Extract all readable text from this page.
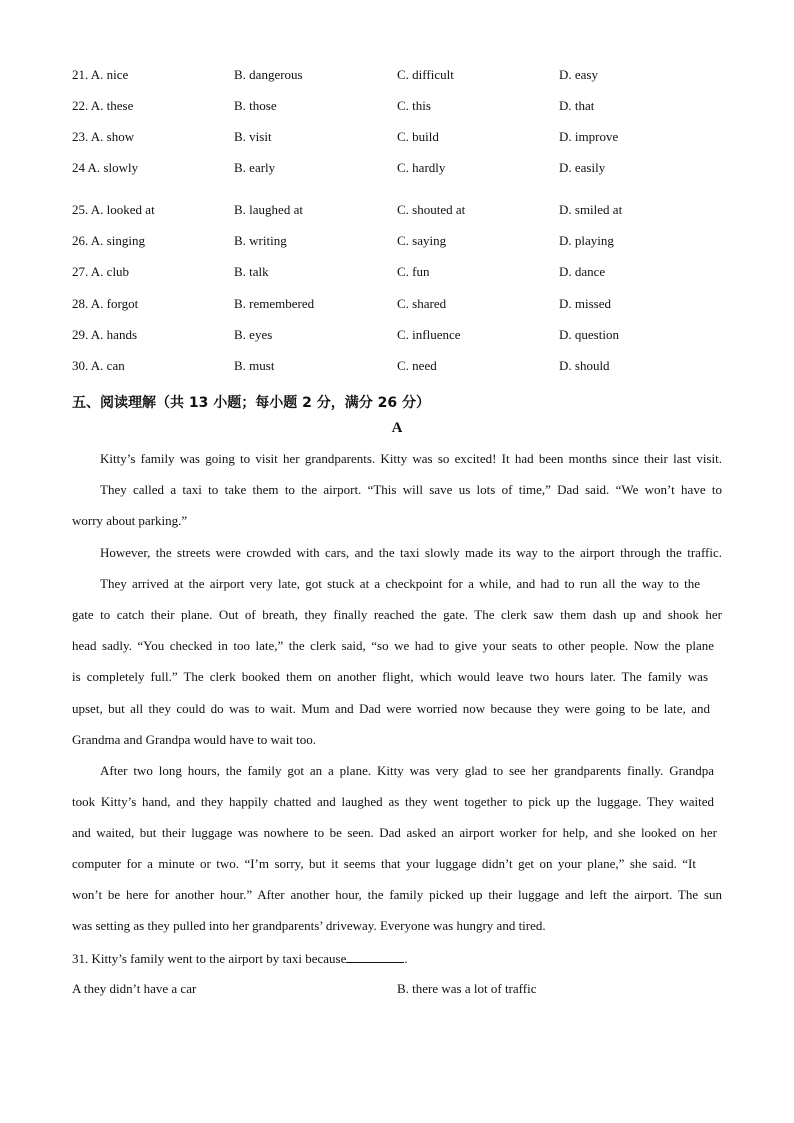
21. A. nice	B. dangerous	C. difficult	D. easy
22. A. these	B. those	C. this	D. that
23. A. show	B. visit	C. build	D. improve
24 A. slowly	B. early	C. hardly	D. easily
25. A. looked at	B. laughed at	C. shouted at	D. smiled at
26. A. singing	B. writing	C. saying	D. playing
27. A. club	B. talk	C. fun	D. dance
28. A. forgot	B. remembered	C. shared	D. missed
29. A. hands	B. eyes	C. influence	D. question
30. A. can	B. must	C. need	D. should
五、阅读理解（共 13 小题；每小题 2 分，满分 26 分）
A
Kitty’s family was going to visit her grandparents. Kitty was so excited! It had been months since their last visit.
They called a taxi to take them to the airport. “This will save us lots of time,” Dad said. “We won’t have to
worry about parking.”
However, the streets were crowded with cars, and the taxi slowly made its way to the airport through the traffic.
They arrived at the airport very late, got stuck at a checkpoint for a while, and had to run all the way to the
gate to catch their plane. Out of breath, they finally reached the gate. The clerk saw them dash up and shook her
head sadly. “You checked in too late,” the clerk said, “so we had to give your seats to other people. Now the plane
is completely full.” The clerk booked them on another flight, which would leave two hours later. The family was
upset, but all they could do was to wait. Mum and Dad were worried now because they were going to be late, and
Grandma and Grandpa would have to wait too.
After two long hours, the family got an a plane. Kitty was very glad to see her grandparents finally. Grandpa
took Kitty’s hand, and they happily chatted and laughed as they went together to pick up the luggage. They waited
and waited, but their luggage was nowhere to be seen. Dad asked an airport worker for help, and she looked on her
computer for a minute or two. “I’m sorry, but it seems that your luggage didn’t get on your plane,” she said. “It
won’t be here for another hour.” After another hour, the family picked up their luggage and left the airport. The sun
was setting as they pulled into her grandparents’ driveway. Everyone was hungry and tired.
31. Kitty’s family went to the airport by taxi because	.
A they didn’t have a car	B. there was a lot of traffic
